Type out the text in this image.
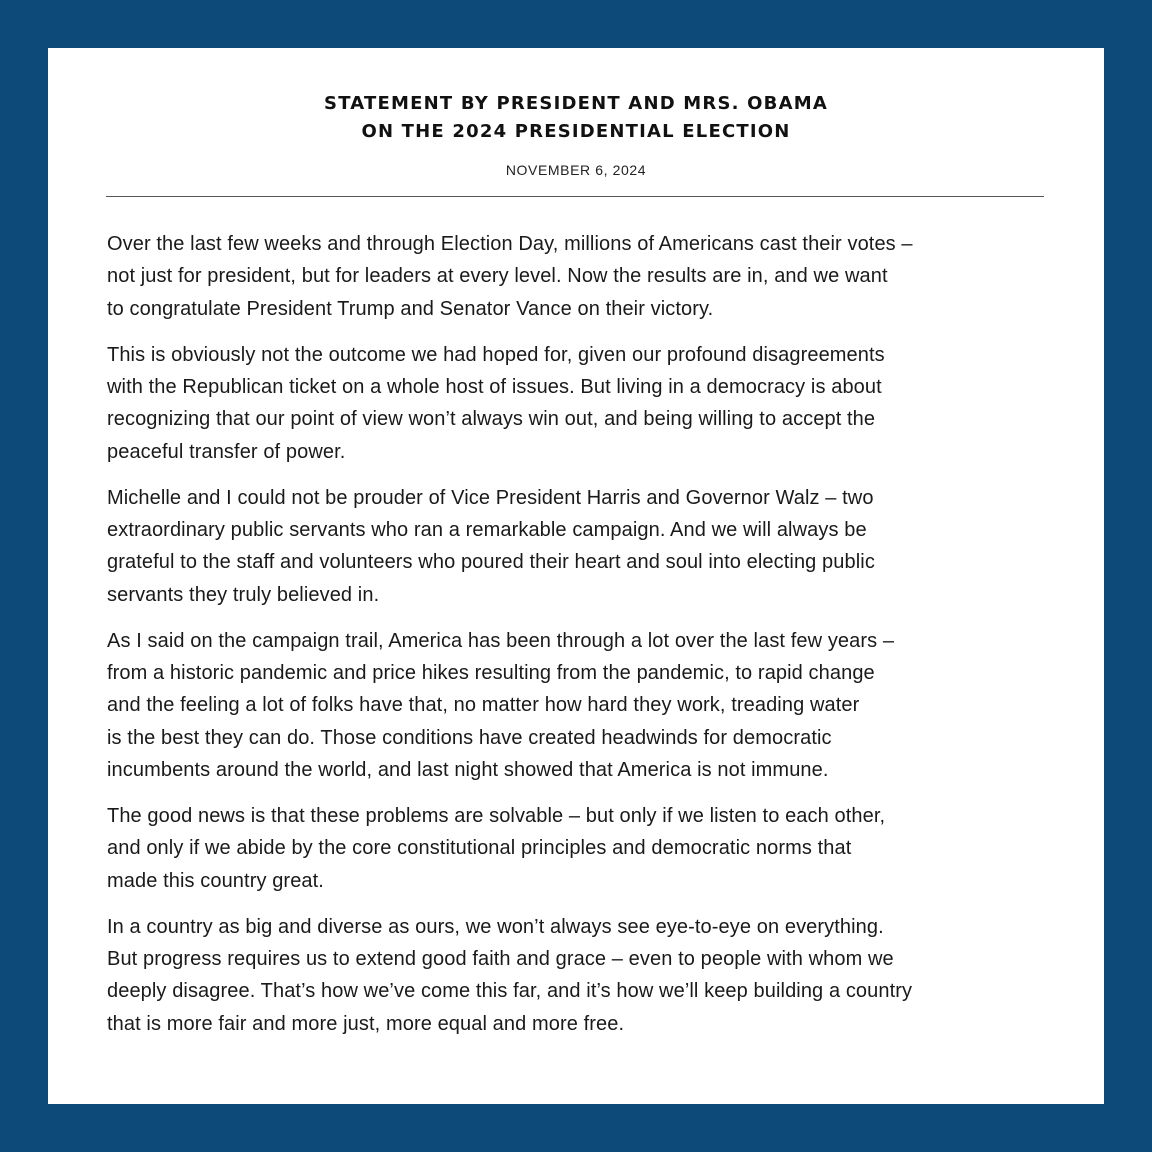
STATEMENT BY PRESIDENT AND MRS. OBAMA
ON THE 2024 PRESIDENTIAL ELECTION
NOVEMBER 6, 2024
Over the last few weeks and through Election Day, millions of Americans cast their votes –
not just for president, but for leaders at every level. Now the results are in, and we want
to congratulate President Trump and Senator Vance on their victory.
This is obviously not the outcome we had hoped for, given our profound disagreements
with the Republican ticket on a whole host of issues. But living in a democracy is about
recognizing that our point of view won’t always win out, and being willing to accept the
peaceful transfer of power.
Michelle and I could not be prouder of Vice President Harris and Governor Walz – two
extraordinary public servants who ran a remarkable campaign. And we will always be
grateful to the staff and volunteers who poured their heart and soul into electing public
servants they truly believed in.
As I said on the campaign trail, America has been through a lot over the last few years –
from a historic pandemic and price hikes resulting from the pandemic, to rapid change
and the feeling a lot of folks have that, no matter how hard they work, treading water
is the best they can do. Those conditions have created headwinds for democratic
incumbents around the world, and last night showed that America is not immune.
The good news is that these problems are solvable – but only if we listen to each other,
and only if we abide by the core constitutional principles and democratic norms that
made this country great.
In a country as big and diverse as ours, we won’t always see eye-to-eye on everything.
But progress requires us to extend good faith and grace – even to people with whom we
deeply disagree. That’s how we’ve come this far, and it’s how we’ll keep building a country
that is more fair and more just, more equal and more free.
